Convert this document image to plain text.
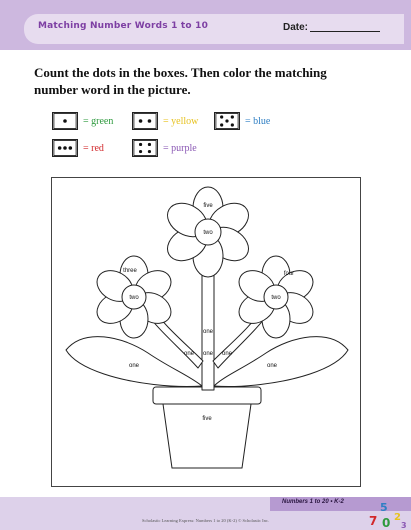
Matching Number Words 1 to 10	Date:

Count the dots in the boxes. Then color the matching number word in the picture.

= green	= yellow	= blue
= red	= purple
five
two
three
two
four
two
one
one
one	one
one	one
five
Numbers 1 to 20 • K-2
Scholastic Learning Express: Numbers 1 to 20 (K-2) © Scholastic Inc.	7
5
0 2
3
